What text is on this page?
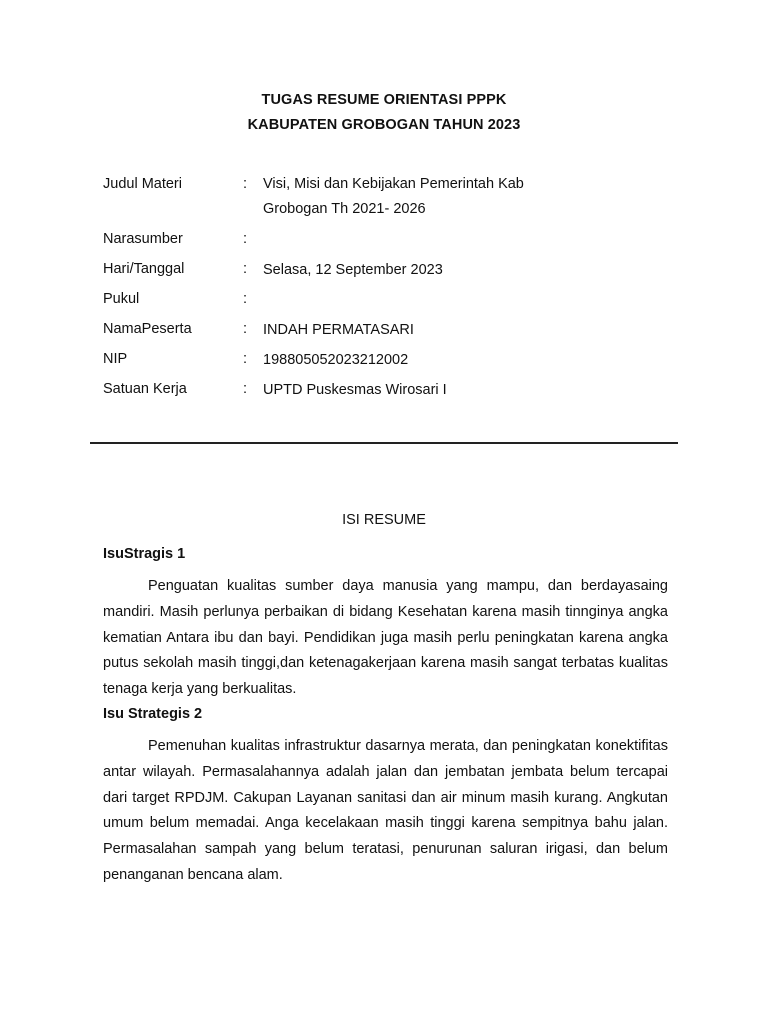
TUGAS RESUME ORIENTASI PPPK
KABUPATEN GROBOGAN TAHUN 2023
Judul Materi	: Visi, Misi dan Kebijakan Pemerintah Kab Grobogan Th 2021- 2026
Narasumber	:
Hari/Tanggal	: Selasa, 12 September 2023
Pukul	:
NamaPeserta	: INDAH PERMATASARI
NIP	: 198805052023212002
Satuan Kerja	: UPTD Puskesmas Wirosari I
ISI RESUME
IsuStragis 1
Penguatan kualitas sumber daya manusia yang mampu, dan berdayasaing mandiri. Masih perlunya perbaikan di bidang Kesehatan karena masih tinnginya angka kematian Antara ibu dan bayi. Pendidikan juga masih perlu peningkatan karena angka putus sekolah masih tinggi,dan ketenagakerjaan karena masih sangat terbatas kualitas tenaga kerja yang berkualitas.
Isu Strategis 2
Pemenuhan kualitas infrastruktur dasarnya merata, dan peningkatan konektifitas antar wilayah. Permasalahannya adalah jalan dan jembatan jembata belum tercapai dari target RPDJM. Cakupan Layanan sanitasi dan air minum masih kurang. Angkutan umum belum memadai. Anga kecelakaan masih tinggi karena sempitnya bahu jalan. Permasalahan sampah yang belum teratasi, penurunan saluran irigasi, dan belum penanganan bencana alam.
